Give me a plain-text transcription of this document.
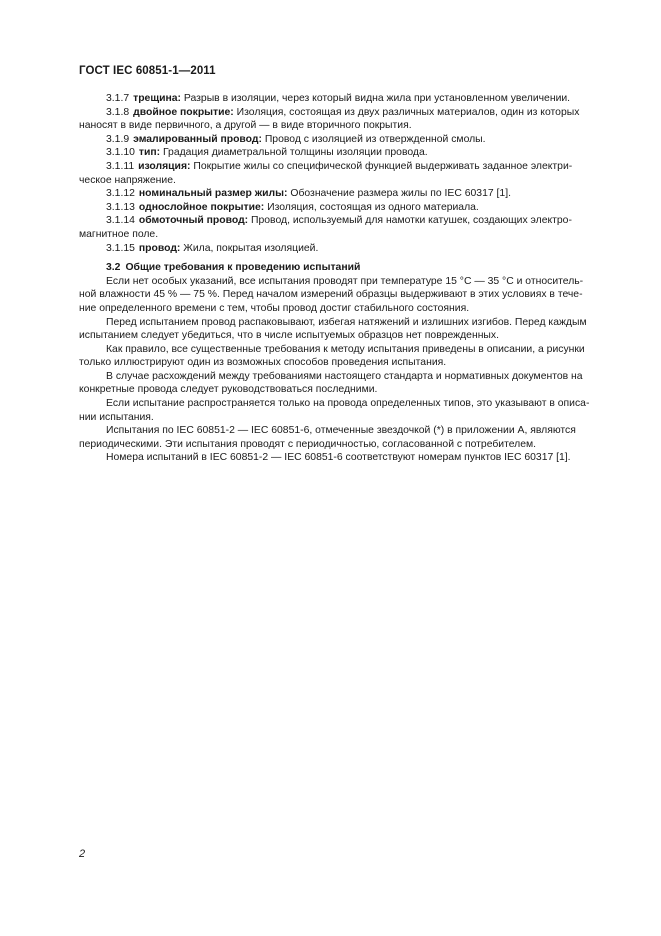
ГОСТ IEC 60851-1—2011

3.1.7 трещина: Разрыв в изоляции, через который видна жила при установленном увеличении.

3.1.8 двойное покрытие: Изоляция, состоящая из двух различных материалов, один из которых
наносят в виде первичного, а другой — в виде вторичного покрытия.

3.1.9 эмалированный провод: Провод с изоляцией из отвержденной смолы.

3.1.10 тип: Градация диаметральной толщины изоляции провода.

3.1.11 изоляция: Покрытие жилы со специфической функцией выдерживать заданное электри-
ческое напряжение.

3.1.12 номинальный размер жилы: Обозначение размера жилы по IEC 60317 [1].

3.1.13 однослойное покрытие: Изоляция, состоящая из одного материала.

3.1.14 обмоточный провод: Провод, используемый для намотки катушек, создающих электро-
магнитное поле.

3.1.15 провод: Жила, покрытая изоляцией.

3.2 Общие требования к проведению испытаний

Если нет особых указаний, все испытания проводят при температуре 15 °С — 35 °С и относитель-
ной влажности 45 % — 75 %. Перед началом измерений образцы выдерживают в этих условиях в тече-
ние определенного времени с тем, чтобы провод достиг стабильного состояния.

Перед испытанием провод распаковывают, избегая натяжений и излишних изгибов. Перед каждым
испытанием следует убедиться, что в числе испытуемых образцов нет поврежденных.

Как правило, все существенные требования к методу испытания приведены в описании, а рисунки
только иллюстрируют один из возможных способов проведения испытания.

В случае расхождений между требованиями настоящего стандарта и нормативных документов на
конкретные провода следует руководствоваться последними.

Если испытание распространяется только на провода определенных типов, это указывают в описа-
нии испытания.

Испытания по IEC 60851-2 — IEC 60851-6, отмеченные звездочкой (*) в приложении А, являются
периодическими. Эти испытания проводят с периодичностью, согласованной с потребителем.

Номера испытаний в IEC 60851-2 — IEC 60851-6 соответствуют номерам пунктов IEC 60317 [1].

2
